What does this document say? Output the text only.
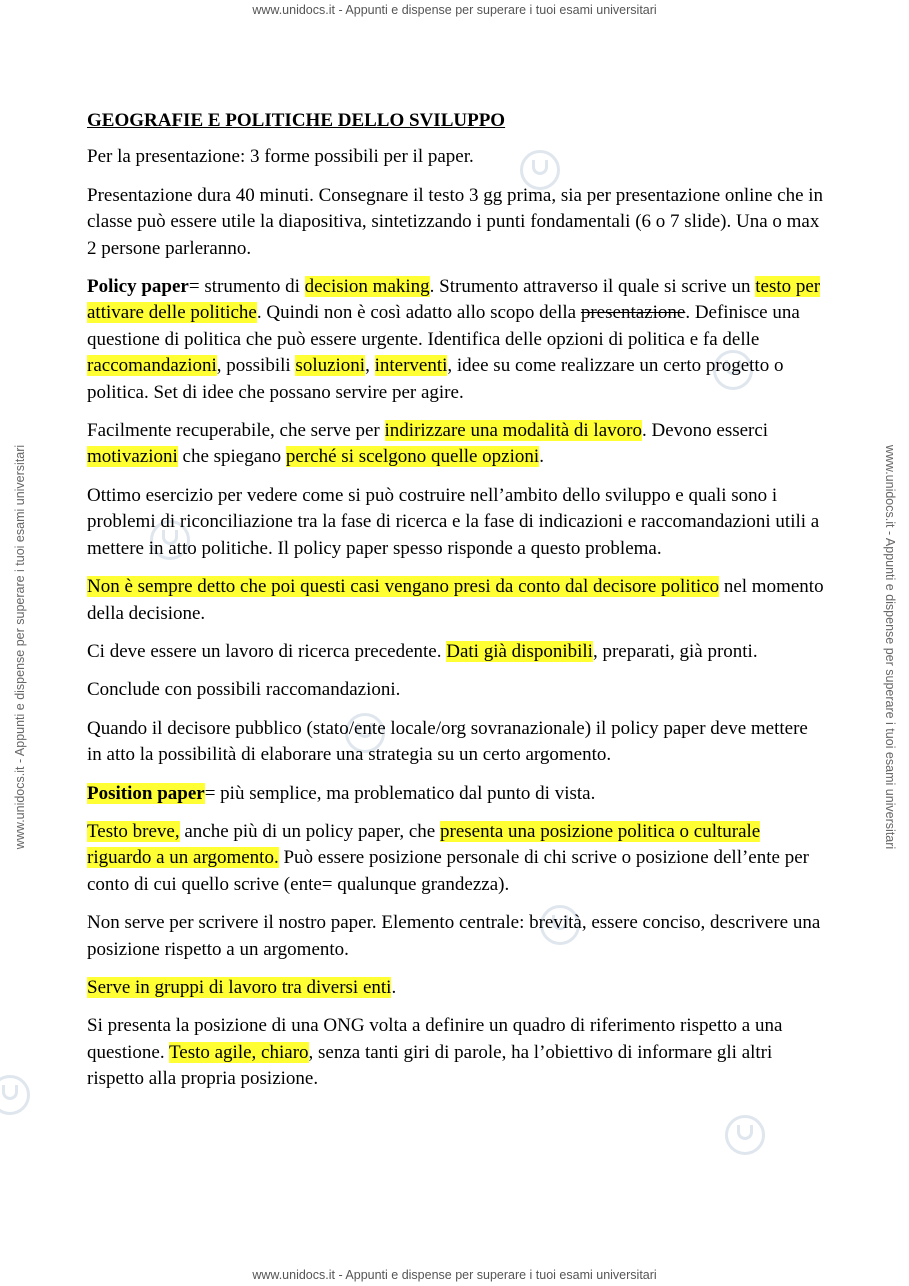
www.unidocs.it - Appunti e dispense per superare i tuoi esami universitari
www.unidocs.it - Appunti e dispense per superare i tuoi esami universitari
www.unidocs.it - Appunti e dispense per superare i tuoi esami universitari	www.unidocs.it - Appunti e dispense per superare i tuoi esami universitari

GEOGRAFIE E POLITICHE DELLO SVILUPPO

Per la presentazione: 3 forme possibili per il paper.

Presentazione dura 40 minuti. Consegnare il testo 3 gg prima, sia per presentazione online che in classe può essere utile la diapositiva, sintetizzando i punti fondamentali (6 o 7 slide). Una o max 2 persone parleranno.

Policy paper= strumento di decision making. Strumento attraverso il quale si scrive un testo per attivare delle politiche. Quindi non è così adatto allo scopo della presentazione. Definisce una questione di politica che può essere urgente. Identifica delle opzioni di politica e fa delle raccomandazioni, possibili soluzioni, interventi, idee su come realizzare un certo progetto o politica. Set di idee che possano servire per agire.

Facilmente recuperabile, che serve per indirizzare una modalità di lavoro. Devono esserci motivazioni che spiegano perché si scelgono quelle opzioni.

Ottimo esercizio per vedere come si può costruire nell’ambito dello sviluppo e quali sono i problemi di riconciliazione tra la fase di ricerca e la fase di indicazioni e raccomandazioni utili a mettere in atto politiche. Il policy paper spesso risponde a questo problema.

Non è sempre detto che poi questi casi vengano presi da conto dal decisore politico nel momento della decisione.

Ci deve essere un lavoro di ricerca precedente. Dati già disponibili, preparati, già pronti.

Conclude con possibili raccomandazioni.

Quando il decisore pubblico (stato/ente locale/org sovranazionale) il policy paper deve mettere in atto la possibilità di elaborare una strategia su un certo argomento.

Position paper= più semplice, ma problematico dal punto di vista.

Testo breve, anche più di un policy paper, che presenta una posizione politica o culturale riguardo a un argomento. Può essere posizione personale di chi scrive o posizione dell’ente per conto di cui quello scrive (ente= qualunque grandezza).

Non serve per scrivere il nostro paper. Elemento centrale: brevità, essere conciso, descrivere una posizione rispetto a un argomento.

Serve in gruppi di lavoro tra diversi enti.

Si presenta la posizione di una ONG volta a definire un quadro di riferimento rispetto a una questione. Testo agile, chiaro, senza tanti giri di parole, ha l’obiettivo di informare gli altri rispetto alla propria posizione.
